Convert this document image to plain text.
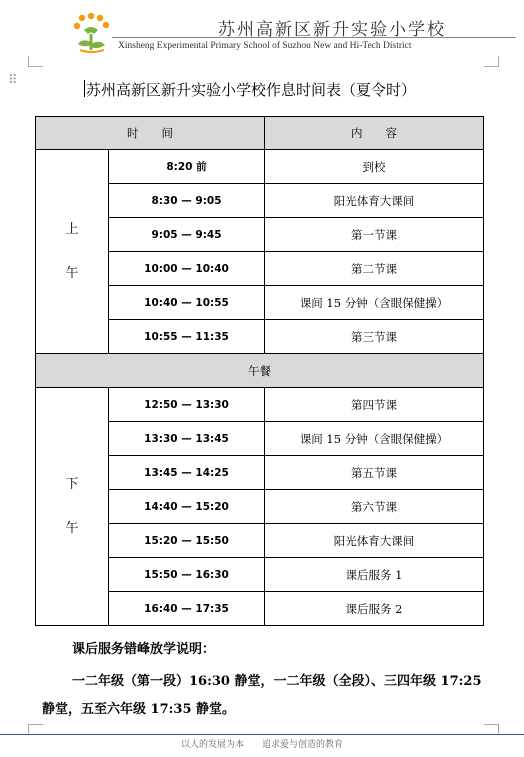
苏州高新区新升实验小学校
Xinsheng Experimental Primary School of Suzhou New and Hi-Tech District
⠿
苏州高新区新升实验小学校作息时间表（夏令时）
时　　间		内　　容
上
午	8:20 前	到校
	8:30 — 9:05	阳光体育大课间
	9:05 — 9:45	第一节课
	10:00 — 10:40	第二节课
	10:40 — 10:55	课间 15 分钟（含眼保健操）
	10:55 — 11:35	第三节课
午餐		
下
午	12:50 — 13:30	第四节课
	13:30 — 13:45	课间 15 分钟（含眼保健操）
	13:45 — 14:25	第五节课
	14:40 — 15:20	第六节课
	15:20 — 15:50	阳光体育大课间
	15:50 — 16:30	课后服务 1
	16:40 — 17:35	课后服务 2
课后服务错峰放学说明：
一二年级（第一段）16:30 静堂，一二年级（全段）、三四年级 17:25 静堂，五至六年级 17:35 静堂。
以人的发展为本　　追求爱与创造的教育
